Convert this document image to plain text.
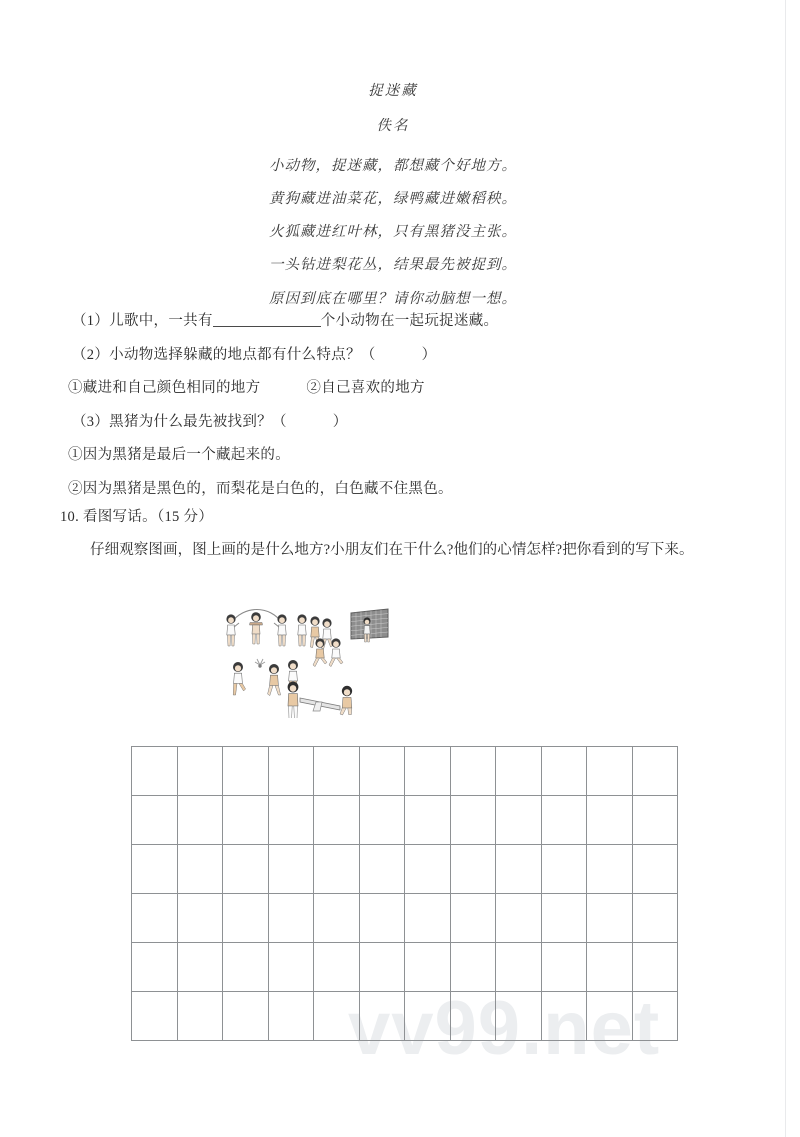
vv99.net
捉迷藏
佚名
小动物，捉迷藏，都想藏个好地方。
黄狗藏进油菜花，绿鸭藏进嫩稻秧。
火狐藏进红叶林，只有黑猪没主张。
一头钻进梨花丛，结果最先被捉到。
原因到底在哪里？请你动脑想一想。
（1）儿歌中，一共有	个小动物在一起玩捉迷藏。
（2）小动物选择躲藏的地点都有什么特点？（	）
①藏进和自己颜色相同的地方	②自己喜欢的地方
（3）黑猪为什么最先被找到？（	）
①因为黑猪是最后一个藏起来的。
②因为黑猪是黑色的，而梨花是白色的，白色藏不住黑色。
10. 看图写话。（15 分）
仔细观察图画，图上画的是什么地方?小朋友们在干什么?他们的心情怎样?把你看到的写下来。
